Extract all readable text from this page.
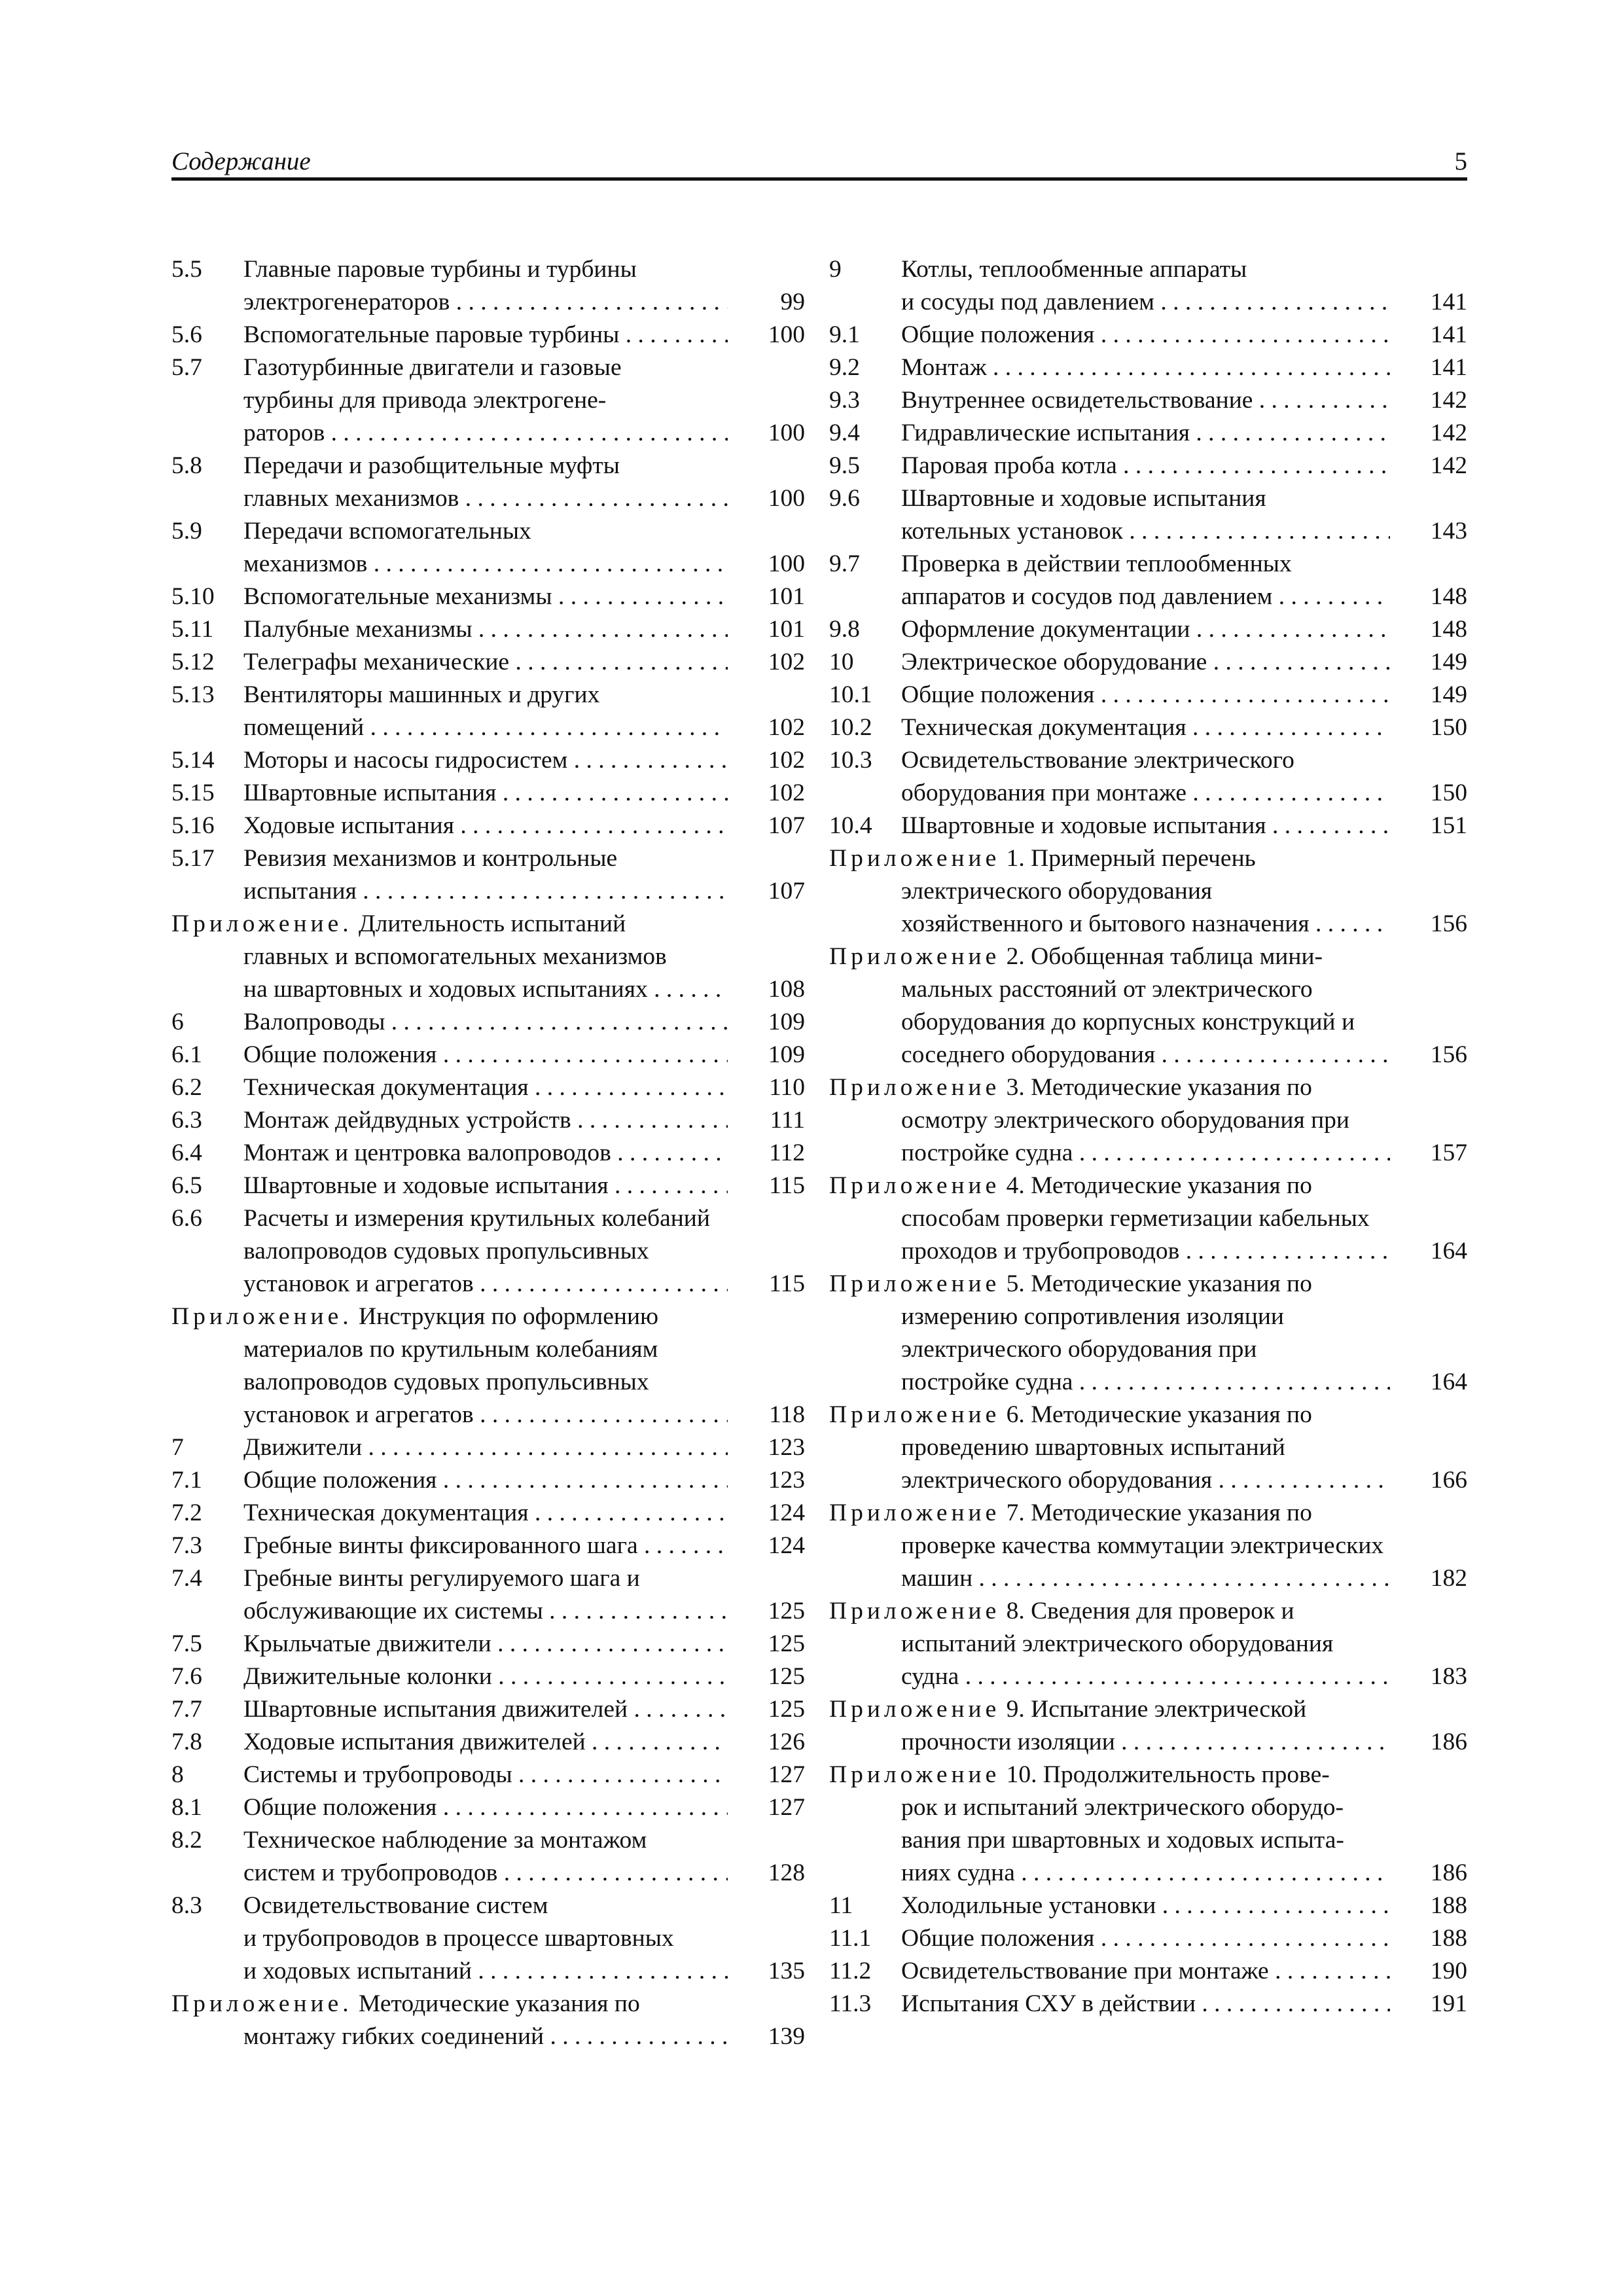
Содержание	5
5.5 Главные паровые турбины и турбины
электрогенераторов . . .	99
5.6 Вспомогательные паровые турбины . . .	100
5.7 Газотурбинные двигатели и газовые
турбины для привода электрогене-
раторов . . .	100
5.8 Передачи и разобщительные муфты
главных механизмов . . .	100
5.9 Передачи вспомогательных
механизмов . . .	100
5.10 Вспомогательные механизмы . . .	101
5.11 Палубные механизмы . . .	101
5.12 Телеграфы механические . . .	102
5.13 Вентиляторы машинных и других
помещений . . .	102
5.14 Моторы и насосы гидросистем . . .	102
5.15 Швартовные испытания . . .	102
5.16 Ходовые испытания . . .	107
5.17 Ревизия механизмов и контрольные
испытания . . .	107
Приложение. Длительность испытаний
главных и вспомогательных механизмов
на швартовных и ходовых испытаниях . . .	108
6 Валопроводы . . .	109
6.1 Общие положения . . .	109
6.2 Техническая документация . . .	110
6.3 Монтаж дейдвудных устройств . . .	111
6.4 Монтаж и центровка валопроводов . . .	112
6.5 Швартовные и ходовые испытания . . .	115
6.6 Расчеты и измерения крутильных колебаний
валопроводов судовых пропульсивных
установок и агрегатов . . .	115
Приложение. Инструкция по оформлению
материалов по крутильным колебаниям
валопроводов судовых пропульсивных
установок и агрегатов . . .	118
7 Движители . . .	123
7.1 Общие положения . . .	123
7.2 Техническая документация . . .	124
7.3 Гребные винты фиксированного шага . . .	124
7.4 Гребные винты регулируемого шага и
обслуживающие их системы . . .	125
7.5 Крыльчатые движители . . .	125
7.6 Движительные колонки . . .	125
7.7 Швартовные испытания движителей . . .	125
7.8 Ходовые испытания движителей . . .	126
8 Системы и трубопроводы . . .	127
8.1 Общие положения . . .	127
8.2 Техническое наблюдение за монтажом
систем и трубопроводов . . .	128
8.3 Освидетельствование систем
и трубопроводов в процессе швартовных
и ходовых испытаний . . .	135
Приложение. Методические указания по
монтажу гибких соединений . . .	139
9 Котлы, теплообменные аппараты
и сосуды под давлением . . .	141
9.1 Общие положения . . .	141
9.2 Монтаж . . .	141
9.3 Внутреннее освидетельствование . . .	142
9.4 Гидравлические испытания . . .	142
9.5 Паровая проба котла . . .	142
9.6 Швартовные и ходовые испытания
котельных установок . . .	143
9.7 Проверка в действии теплообменных
аппаратов и сосудов под давлением . . .	148
9.8 Оформление документации . . .	148
10 Электрическое оборудование . . .	149
10.1 Общие положения . . .	149
10.2 Техническая документация . . .	150
10.3 Освидетельствование электрического
оборудования при монтаже . . .	150
10.4 Швартовные и ходовые испытания . . .	151
Приложение 1. Примерный перечень
электрического оборудования
хозяйственного и бытового назначения . . .	156
Приложение 2. Обобщенная таблица мини-
мальных расстояний от электрического
оборудования до корпусных конструкций и
соседнего оборудования . . .	156
Приложение 3. Методические указания по
осмотру электрического оборудования при
постройке судна . . .	157
Приложение 4. Методические указания по
способам проверки герметизации кабельных
проходов и трубопроводов . . .	164
Приложение 5. Методические указания по
измерению сопротивления изоляции
электрического оборудования при
постройке судна . . .	164
Приложение 6. Методические указания по
проведению швартовных испытаний
электрического оборудования . . .	166
Приложение 7. Методические указания по
проверке качества коммутации электрических
машин . . .	182
Приложение 8. Сведения для проверок и
испытаний электрического оборудования
судна . . .	183
Приложение 9. Испытание электрической
прочности изоляции . . .	186
Приложение 10. Продолжительность прове-
рок и испытаний электрического оборудо-
вания при швартовных и ходовых испыта-
ниях судна . . .	186
11 Холодильные установки . . .	188
11.1 Общие положения . . .	188
11.2 Освидетельствование при монтаже . . .	190
11.3 Испытания СХУ в действии . . .	191
